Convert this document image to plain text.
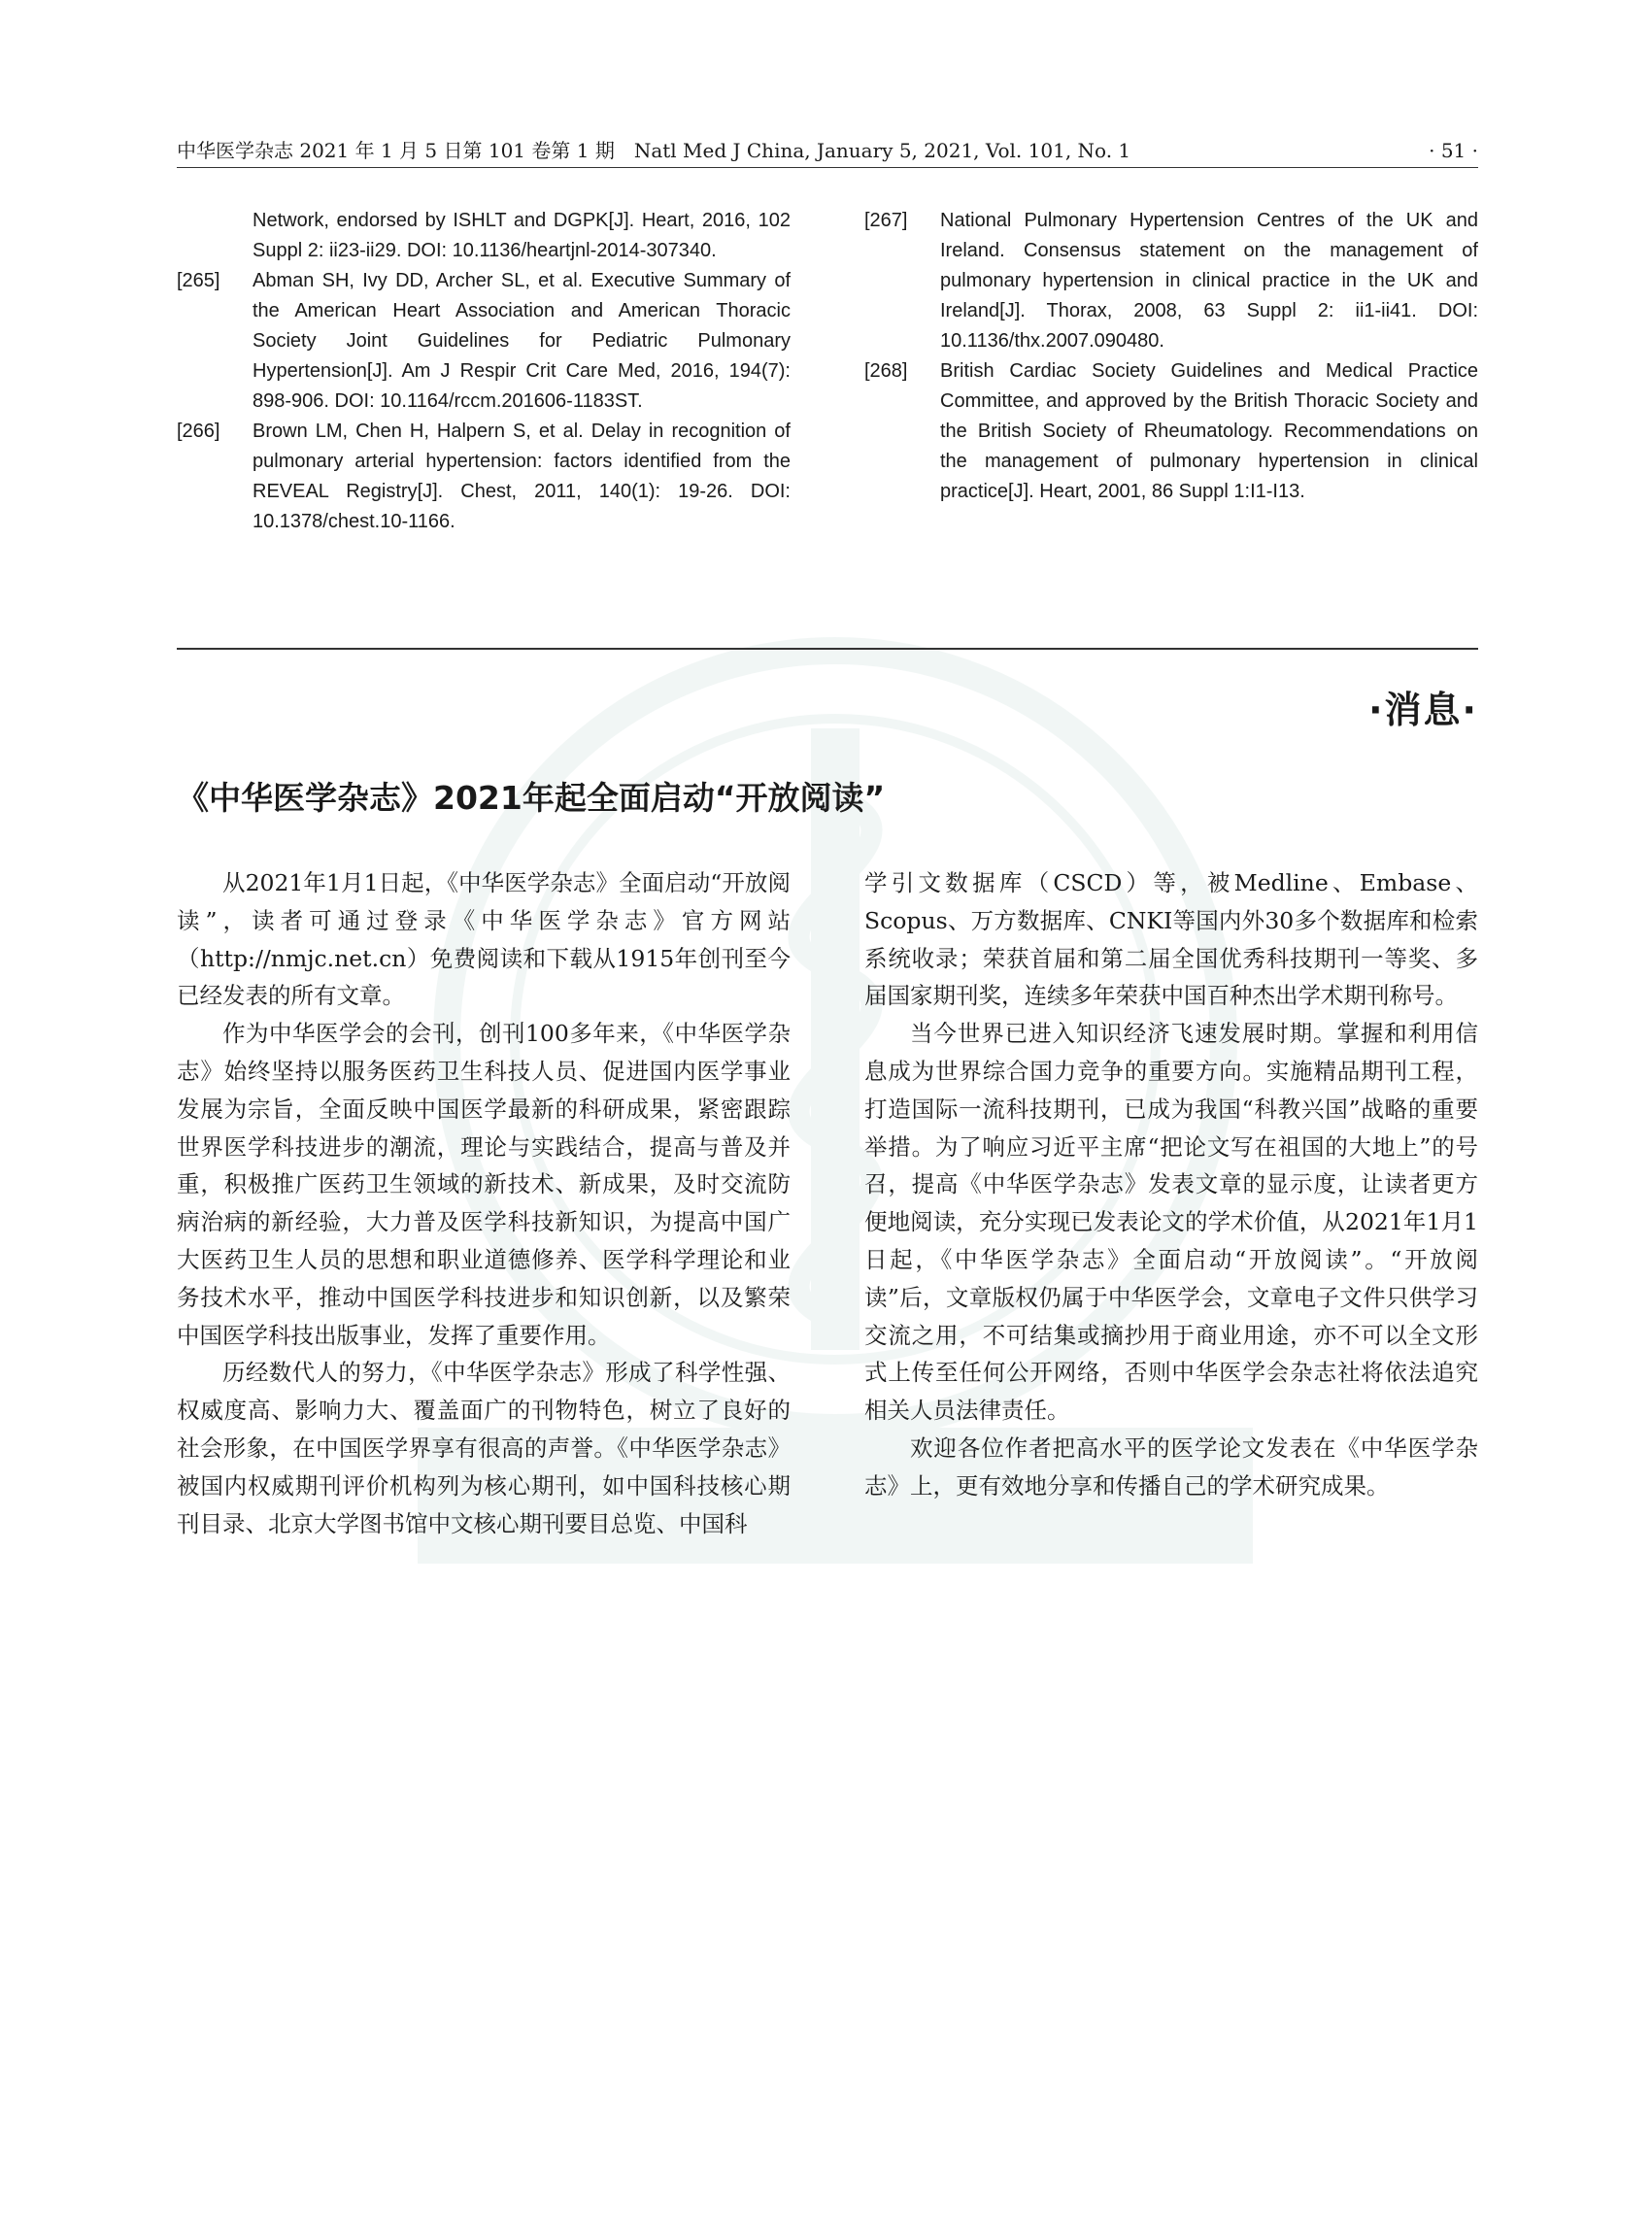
中华医学杂志 2021 年 1 月 5 日第 101 卷第 1 期　Natl Med J China, January 5, 2021, Vol. 101, No. 1	· 51 ·
Network, endorsed by ISHLT and DGPK[J]. Heart, 2016, 102 Suppl 2: ii23-ii29. DOI: 10.1136/heartjnl-2014-307340.
[265]	Abman SH, Ivy DD, Archer SL, et al. Executive Summary of the American Heart Association and American Thoracic Society Joint Guidelines for Pediatric Pulmonary Hypertension[J]. Am J Respir Crit Care Med, 2016, 194(7): 898-906. DOI: 10.1164/rccm.201606-1183ST.
[266]	Brown LM, Chen H, Halpern S, et al. Delay in recognition of pulmonary arterial hypertension: factors identified from the REVEAL Registry[J]. Chest, 2011, 140(1): 19-26. DOI: 10.1378/chest.10-1166.
[267]	National Pulmonary Hypertension Centres of the UK and Ireland. Consensus statement on the management of pulmonary hypertension in clinical practice in the UK and Ireland[J]. Thorax, 2008, 63 Suppl 2: ii1-ii41. DOI: 10.1136/thx.2007.090480.
[268]	British Cardiac Society Guidelines and Medical Practice Committee, and approved by the British Thoracic Society and the British Society of Rheumatology. Recommendations on the management of pulmonary hypertension in clinical practice[J]. Heart, 2001, 86 Suppl 1:I1-I13.
·消息·
《中华医学杂志》2021年起全面启动“开放阅读”

从2021年1月1日起，《中华医学杂志》全面启动“开放阅读”，读者可通过登录《中华医学杂志》官方网站（http://nmjc.net.cn）免费阅读和下载从1915年创刊至今已经发表的所有文章。

作为中华医学会的会刊，创刊100多年来，《中华医学杂志》始终坚持以服务医药卫生科技人员、促进国内医学事业发展为宗旨，全面反映中国医学最新的科研成果，紧密跟踪世界医学科技进步的潮流，理论与实践结合，提高与普及并重，积极推广医药卫生领域的新技术、新成果，及时交流防病治病的新经验，大力普及医学科技新知识，为提高中国广大医药卫生人员的思想和职业道德修养、医学科学理论和业务技术水平，推动中国医学科技进步和知识创新，以及繁荣中国医学科技出版事业，发挥了重要作用。

历经数代人的努力，《中华医学杂志》形成了科学性强、权威度高、影响力大、覆盖面广的刊物特色，树立了良好的社会形象，在中国医学界享有很高的声誉。《中华医学杂志》被国内权威期刊评价机构列为核心期刊，如中国科技核心期刊目录、北京大学图书馆中文核心期刊要目总览、中国科

学引文数据库（CSCD）等，被Medline、Embase、Scopus、万方数据库、CNKI等国内外30多个数据库和检索系统收录；荣获首届和第二届全国优秀科技期刊一等奖、多届国家期刊奖，连续多年荣获中国百种杰出学术期刊称号。

当今世界已进入知识经济飞速发展时期。掌握和利用信息成为世界综合国力竞争的重要方向。实施精品期刊工程，打造国际一流科技期刊，已成为我国“科教兴国”战略的重要举措。为了响应习近平主席“把论文写在祖国的大地上”的号召，提高《中华医学杂志》发表文章的显示度，让读者更方便地阅读，充分实现已发表论文的学术价值，从2021年1月1日起，《中华医学杂志》全面启动“开放阅读”。“开放阅读”后，文章版权仍属于中华医学会，文章电子文件只供学习交流之用，不可结集或摘抄用于商业用途，亦不可以全文形式上传至任何公开网络，否则中华医学会杂志社将依法追究相关人员法律责任。

欢迎各位作者把高水平的医学论文发表在《中华医学杂志》上，更有效地分享和传播自己的学术研究成果。
